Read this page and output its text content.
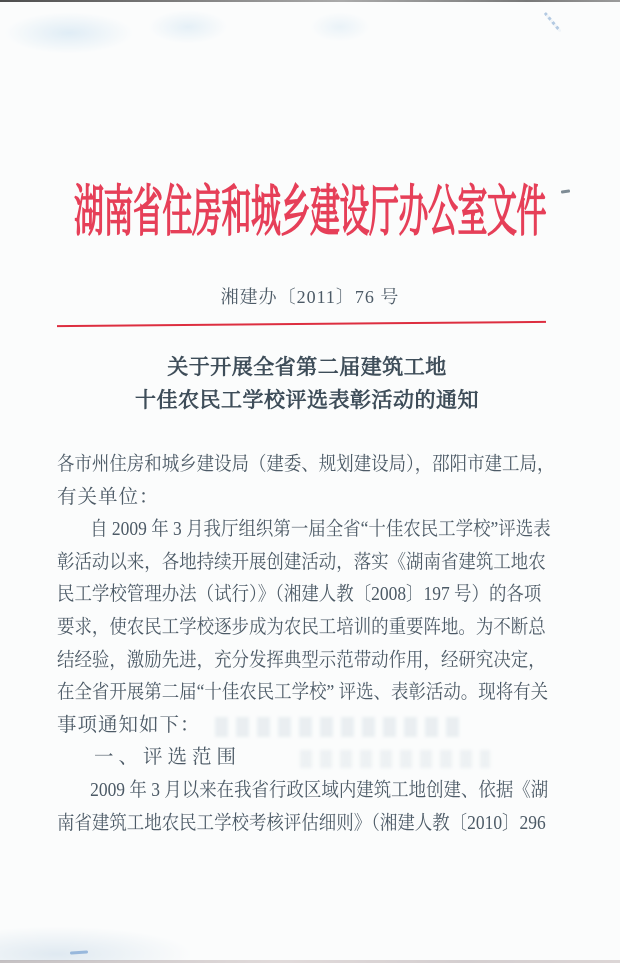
湖南省住房和城乡建设厅办公室文件
湘建办〔2011〕76 号
关于开展全省第二届建筑工地
十佳农民工学校评选表彰活动的通知
各市州住房和城乡建设局（建委、规划建设局），邵阳市建工局，
有关单位：
自 2009 年 3 月我厅组织第一届全省“十佳农民工学校”评选表
彰活动以来，各地持续开展创建活动，落实《湖南省建筑工地农
民工学校管理办法（试行）》（湘建人教〔2008〕197 号）的各项
要求，使农民工学校逐步成为农民工培训的重要阵地。为不断总
结经验，激励先进，充分发挥典型示范带动作用，经研究决定，
在全省开展第二届“十佳农民工学校” 评选、表彰活动。现将有关
事项通知如下：
一、评选范围
2009 年 3 月以来在我省行政区域内建筑工地创建、依据《湖
南省建筑工地农民工学校考核评估细则》（湘建人教〔2010〕296
